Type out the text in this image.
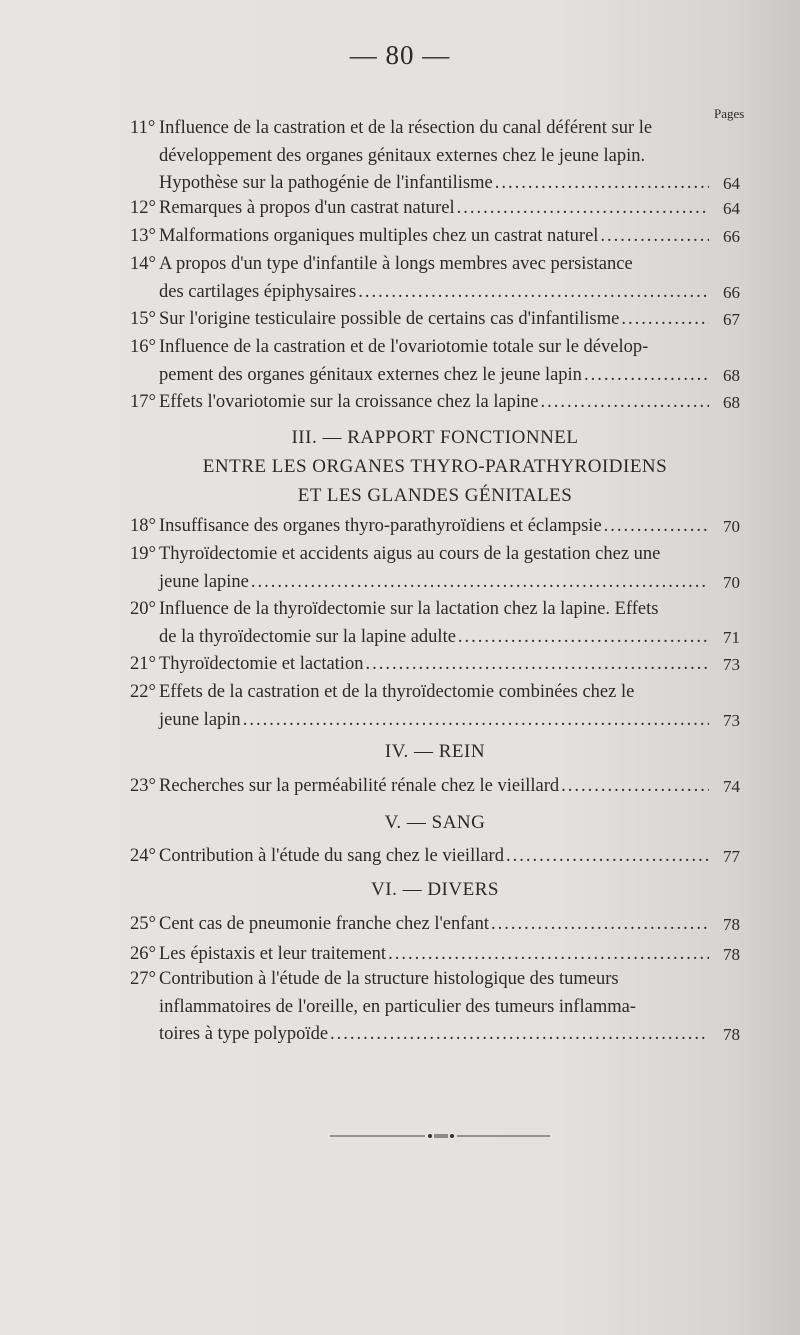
— 80 —
Pages
11° Influence de la castration et de la résection du canal déférent sur le
développement des organes génitaux externes chez le jeune lapin.
Hypothèse sur la pathogénie de l'infantilisme .....	64
12° Remarques à propos d'un castrat naturel .....	64
13° Malformations organiques multiples chez un castrat naturel .....	66
14° A propos d'un type d'infantile à longs membres avec persistance
des cartilages épiphysaires .....	66
15° Sur l'origine testiculaire possible de certains cas d'infantilisme .....	67
16° Influence de la castration et de l'ovariotomie totale sur le dévelop-
pement des organes génitaux externes chez le jeune lapin .....	68
17° Effets l'ovariotomie sur la croissance chez la lapine .....	68
III. — RAPPORT FONCTIONNEL
ENTRE LES ORGANES THYRO-PARATHYROIDIENS
ET LES GLANDES GÉNITALES
18° Insuffisance des organes thyro-parathyroïdiens et éclampsie .....	70
19° Thyroïdectomie et accidents aigus au cours de la gestation chez une
jeune lapine .....	70
20° Influence de la thyroïdectomie sur la lactation chez la lapine. Effets
de la thyroïdectomie sur la lapine adulte .....	71
21° Thyroïdectomie et lactation .....	73
22° Effets de la castration et de la thyroïdectomie combinées chez le
jeune lapin .....	73
IV. — REIN
23° Recherches sur la perméabilité rénale chez le vieillard .....	74
V. — SANG
24° Contribution à l'étude du sang chez le vieillard .....	77
VI. — DIVERS
25° Cent cas de pneumonie franche chez l'enfant .....	78
26° Les épistaxis et leur traitement .....	78
27° Contribution à l'étude de la structure histologique des tumeurs
inflammatoires de l'oreille, en particulier des tumeurs inflamma-
toires à type polypoïde .....	78
